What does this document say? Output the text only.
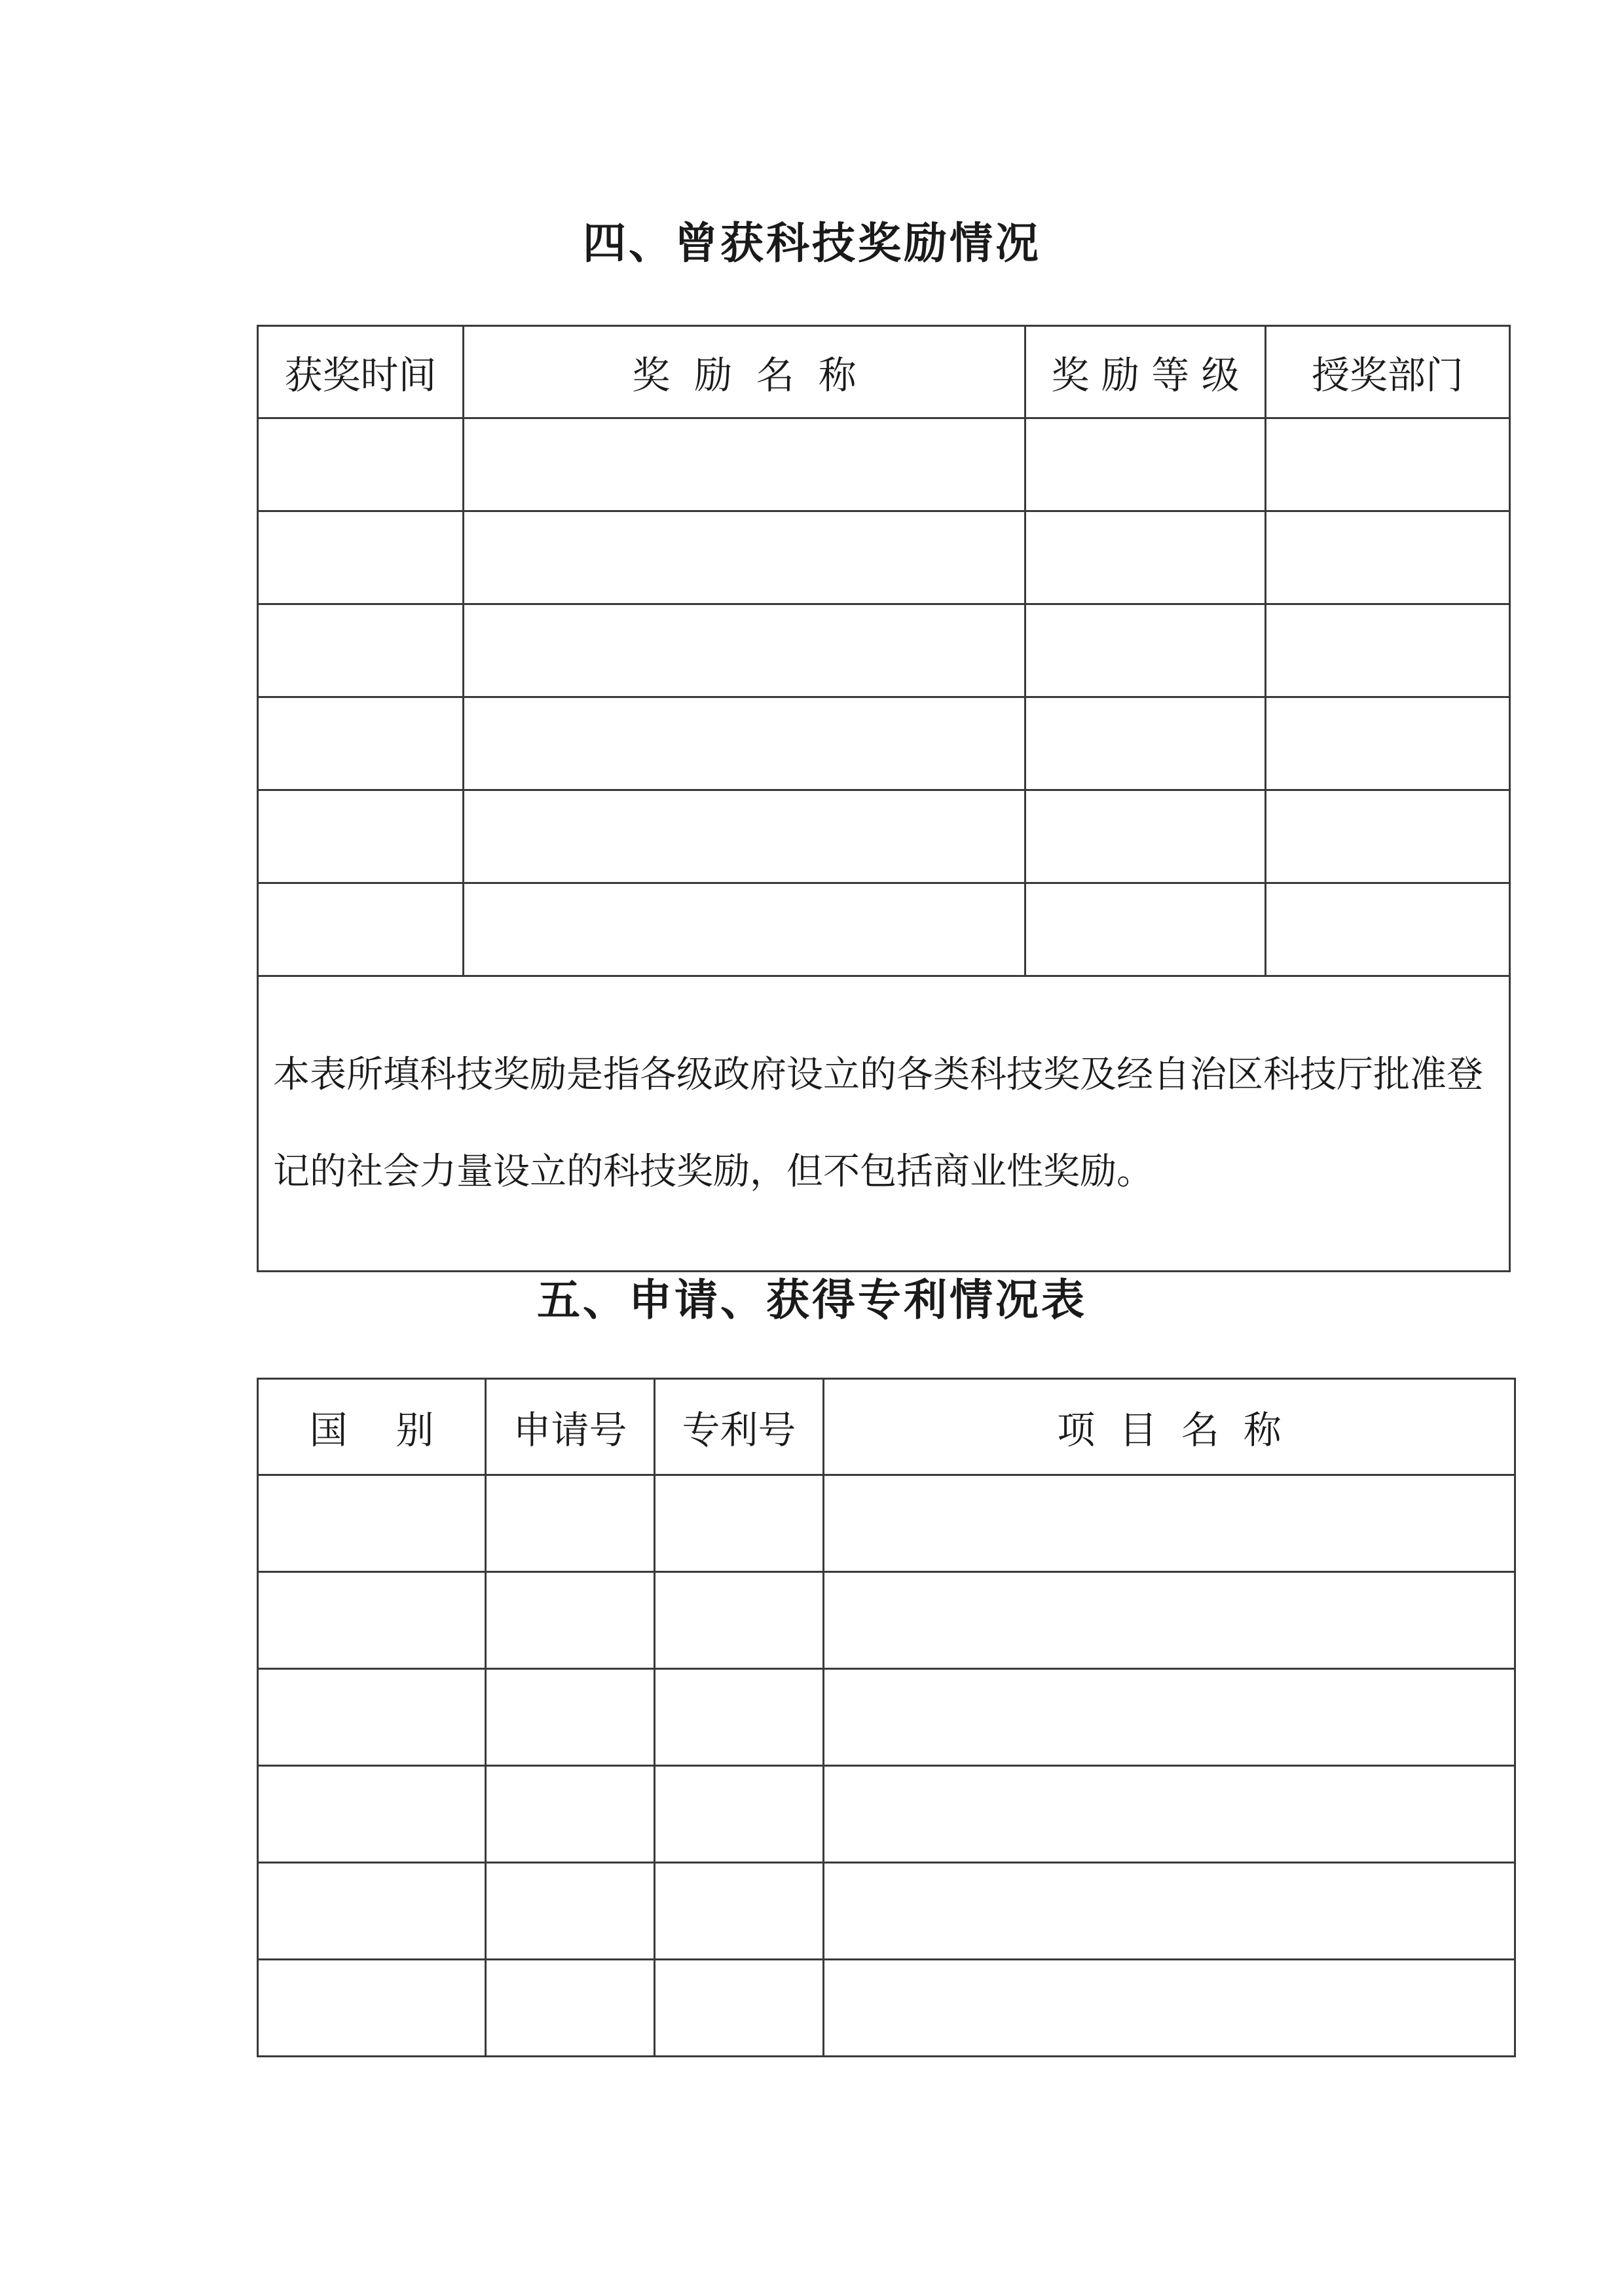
四、曾获科技奖励情况
获奖时间	奖  励  名  称	奖 励 等 级	授奖部门

本表所填科技奖励是指各级政府设立的各类科技奖及经自治区科技厅批准登记的社会力量设立的科技奖励，但不包括商业性奖励。			
五、申请、获得专利情况表
国    别	申请号	专利号	项  目  名  称
